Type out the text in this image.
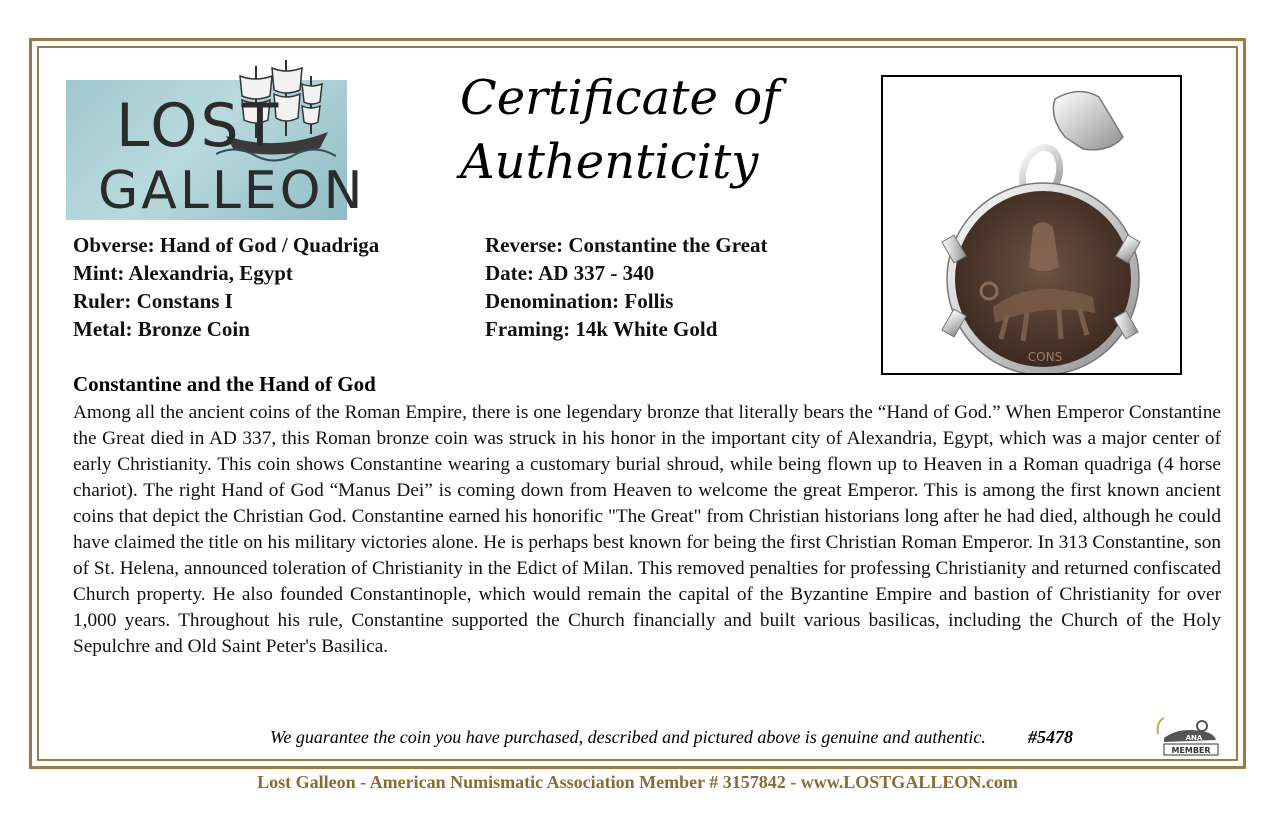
LOST
GALLEON
Certificate of
Authenticity
CONS
Obverse: Hand of God / Quadriga
Mint: Alexandria, Egypt
Ruler: Constans I
Metal: Bronze Coin
Reverse: Constantine the Great
Date: AD 337 - 340
Denomination: Follis
Framing: 14k White Gold
Constantine and the Hand of God
Among all the ancient coins of the Roman Empire, there is one legendary bronze that literally bears the “Hand of God.” When Emperor Constantine the Great died in AD 337, this Roman bronze coin was struck in his honor in the important city of Alexandria, Egypt, which was a major center of early Christianity. This coin shows Constantine wearing a customary burial shroud, while being flown up to Heaven in a Roman quadriga (4 horse chariot). The right Hand of God “Manus Dei” is coming down from Heaven to welcome the great Emperor. This is among the first known ancient coins that depict the Christian God. Constantine earned his honorific "The Great" from Christian historians long after he had died, although he could have claimed the title on his military victories alone. He is perhaps best known for being the first Christian Roman Emperor. In 313 Constantine, son of St. Helena, announced toleration of Christianity in the Edict of Milan. This removed penalties for professing Christianity and returned confiscated Church property. He also founded Constantinople, which would remain the capital of the Byzantine Empire and bastion of Christianity for over 1,000 years. Throughout his rule, Constantine supported the Church financially and built various basilicas, including the Church of the Holy Sepulchre and Old Saint Peter's Basilica.
We guarantee the coin you have purchased, described and pictured above is genuine and authentic. #5478	ANA
MEMBER
Lost Galleon - American Numismatic Association Member # 3157842 - www.LOSTGALLEON.com
